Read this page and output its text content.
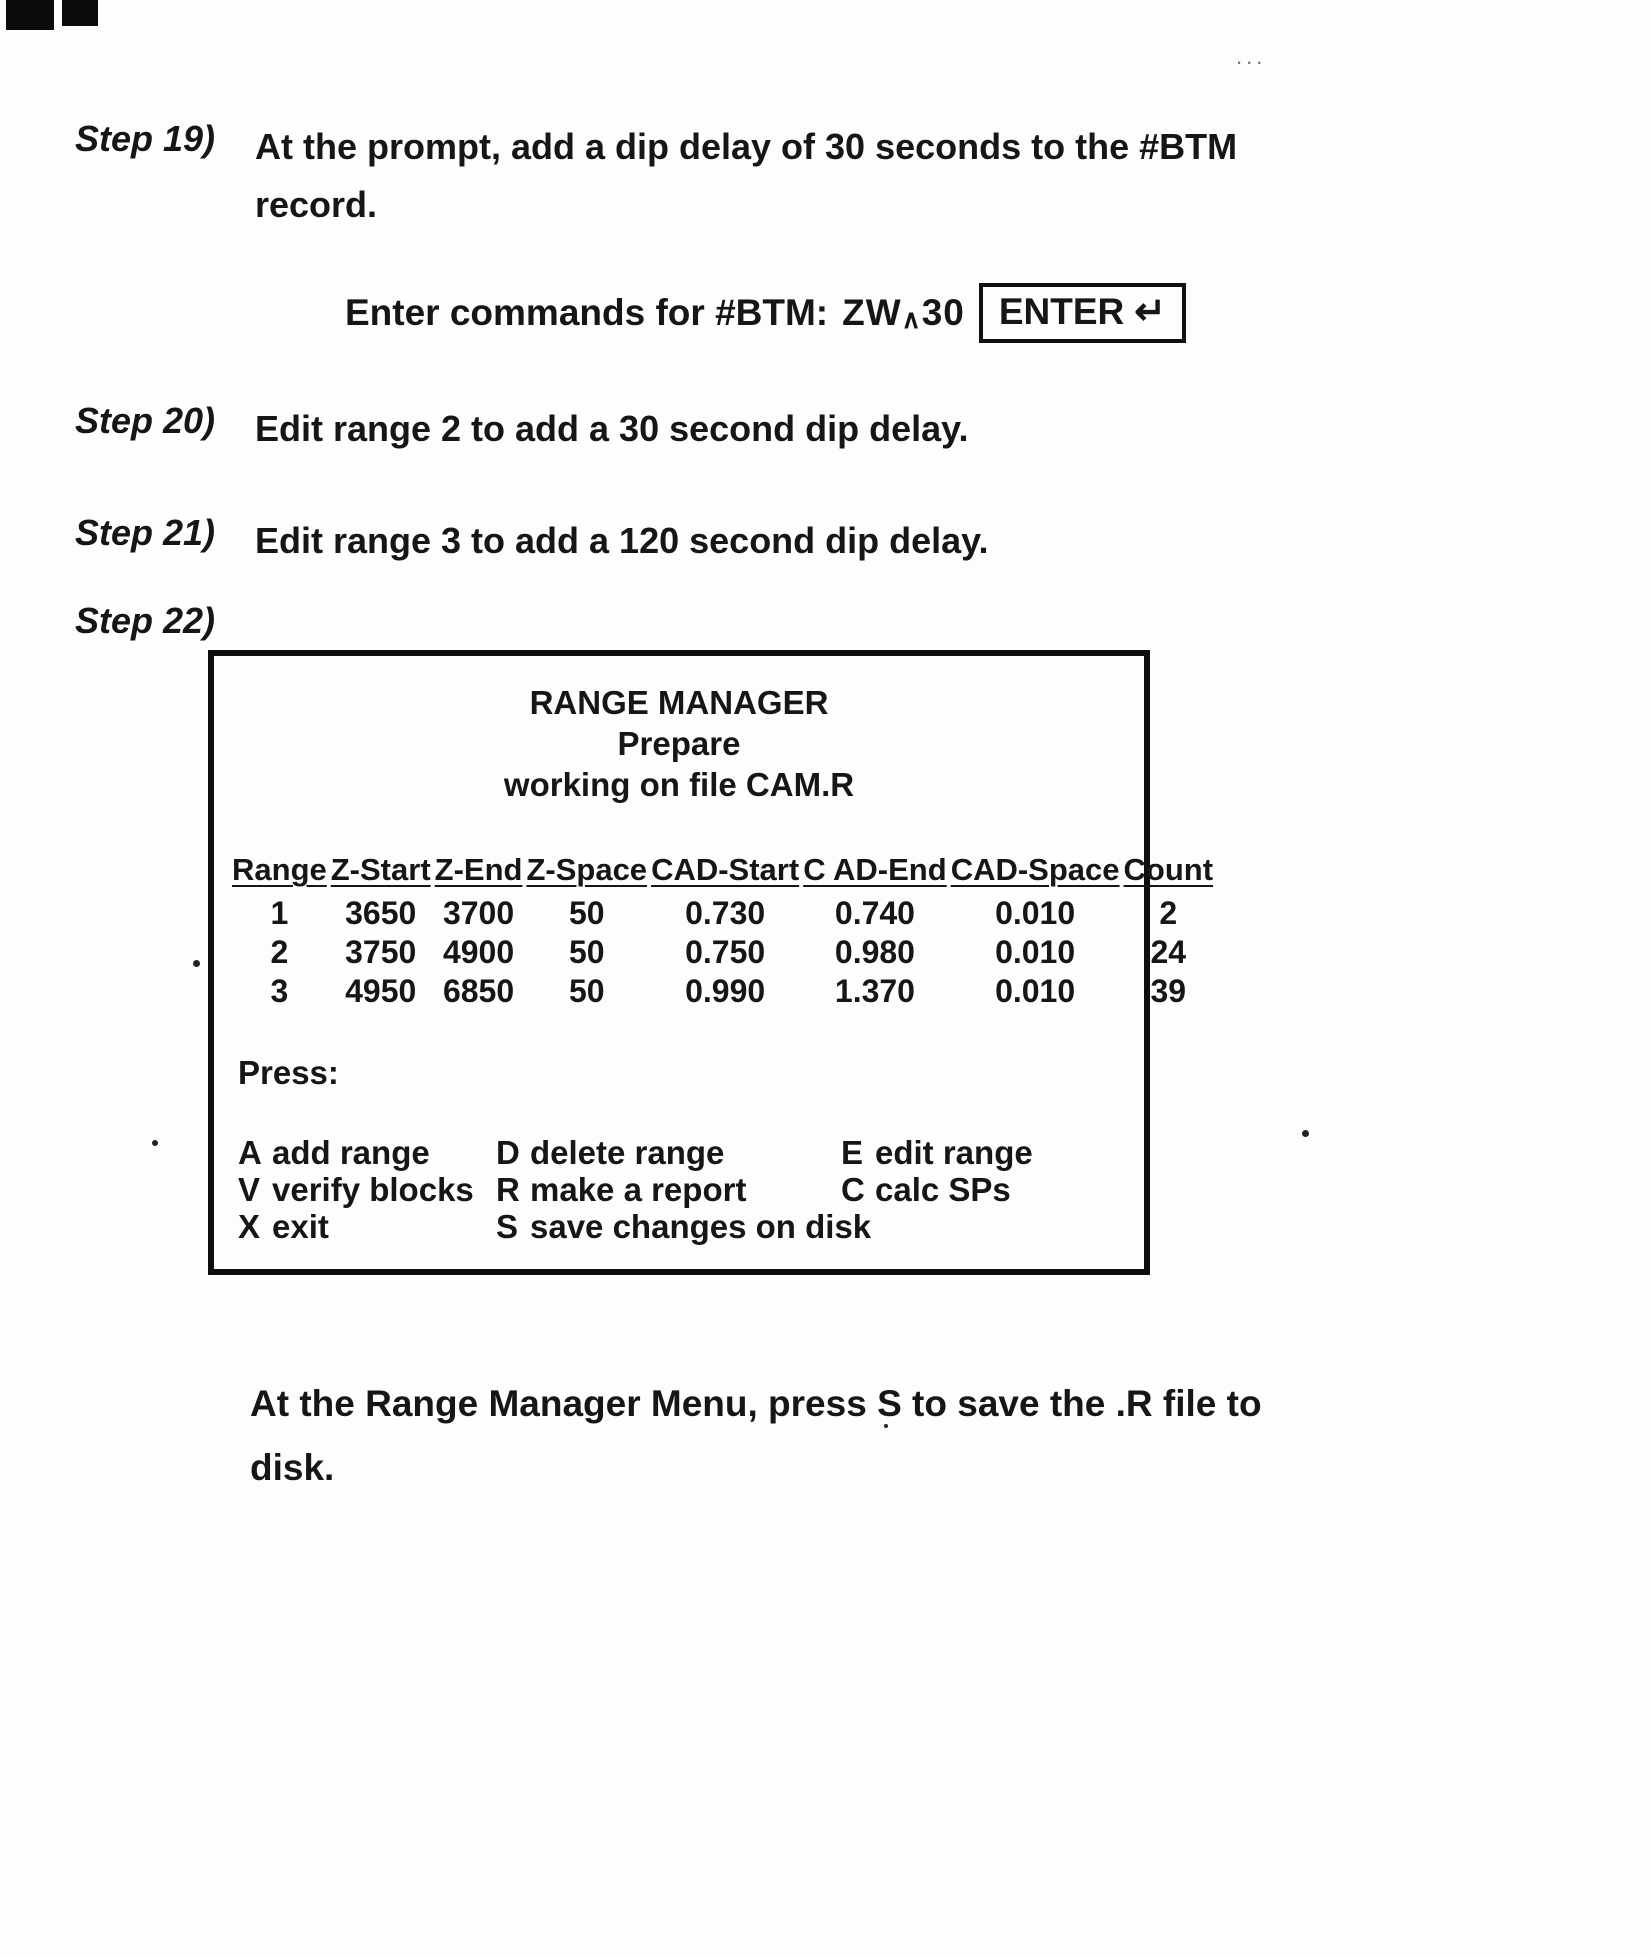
...
Step 19) At the prompt, add a dip delay of 30 seconds to the #BTM
record.
Enter commands for #BTM: ZW∧30 ENTER ↵
Step 20) Edit range 2 to add a 30 second dip delay.
Step 21) Edit range 3 to add a 120 second dip delay.
Step 22)
RANGE MANAGER
Prepare
working on file CAM.R
Range	Z-Start	Z-End	Z-Space	CAD-Start	C AD-End	CAD-Space	Count
1	3650	3700	50	0.730	0.740	0.010	2
2	3750	4900	50	0.750	0.980	0.010	24
3	4950	6850	50	0.990	1.370	0.010	39
Press:
A add range	D delete range	E edit range
V verify blocks R make a report	C calc SPs
X exit	S save changes on disk
At the Range Manager Menu, press S to save the .R file to
disk.
